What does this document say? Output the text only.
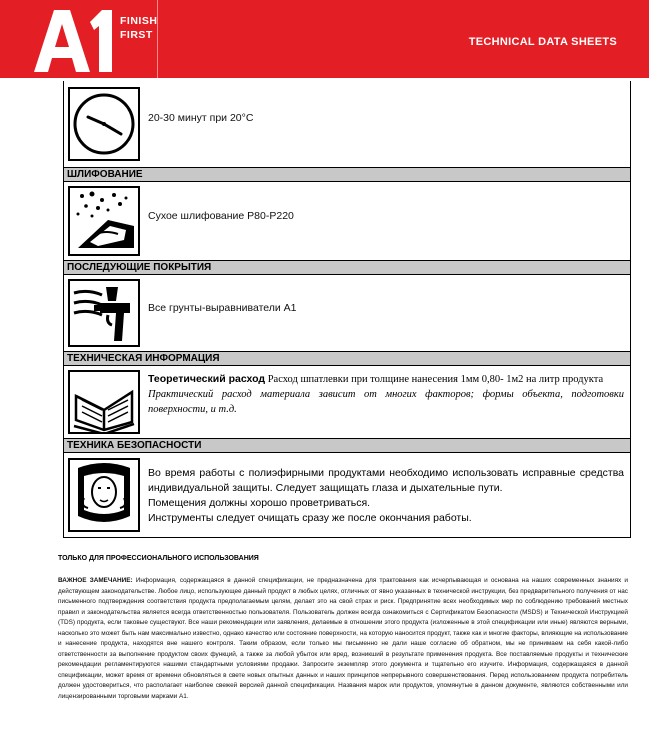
FINISH
FIRST
TECHNICAL DATA SHEETS
20-30 минут при 20°C
ШЛИФОВАНИЕ
Сухое шлифование P80-P220
ПОСЛЕДУЮЩИЕ ПОКРЫТИЯ
Все грунты-выравниватели A1
ТЕХНИЧЕСКАЯ ИНФОРМАЦИЯ
Теоретический расход Расход шпатлевки при толщине нанесения 1мм 0,80- 1м2 на литр продукта
Практический расход материала зависит от многих факторов; формы объекта, подготовки поверхности, и т.д.
ТЕХНИКА БЕЗОПАСНОСТИ
Во время работы с полиэфирными продуктами необходимо использовать исправные средства индивидуальной защиты. Следует защищать глаза и дыхательные пути.
Помещения должны хорошо проветриваться.
Инструменты следует очищать сразу же после окончания работы.
ТОЛЬКО ДЛЯ ПРОФЕССИОНАЛЬНОГО ИСПОЛЬЗОВАНИЯ
ВАЖНОЕ ЗАМЕЧАНИЕ: Информация, содержащаяся в данной спецификации, не предназначена для трактования как исчерпывающая и основана на наших современных знаниях и действующем законодательстве. Любое лицо, использующее данный продукт в любых целях, отличных от явно указанных в технической инструкции, без предварительного получения от нас письменного подтверждения соответствия продукта предполагаемым целям, делает это на свой страх и риск. Предпринятие всех необходимых мер по соблюдению требований местных правил и законодательства является всегда ответственностью пользователя. Пользователь должен всегда ознакомиться с Сертификатом Безопасности (MSDS) и Технической Инструкцией (TDS) продукта, если таковые существуют. Все наши рекомендации или заявления, делаемые в отношении этого продукта (изложенные в этой спецификации или иные) являются верными, насколько это может быть нам максимально известно, однако качество или состояние поверхности, на которую наносится продукт, также как и многие факторы, влияющие на использование и нанесение продукта, находятся вне нашего контроля. Таким образом, если только мы письменно не дали наше согласие об обратном, мы не принимаем на себя какой-либо ответственности за выполнение продуктом своих функций, а также за любой убыток или вред, возникший в результате применения продукта. Все поставляемые продукты и технические рекомендации регламентируются нашими стандартными условиями продажи. Запросите экземпляр этого документа и тщательно его изучите. Информация, содержащаяся в данной спецификации, может время от времени обновляться в свете новых опытных данных и наших принципов непрерывного совершенствования. Перед использованием продукта потребитель должен удостовериться, что располагает наиболее свежей версией данной спецификации. Названия марок или продуктов, упомянутые в данном документе, являются собственными или лицензированными торговыми марками A1.
